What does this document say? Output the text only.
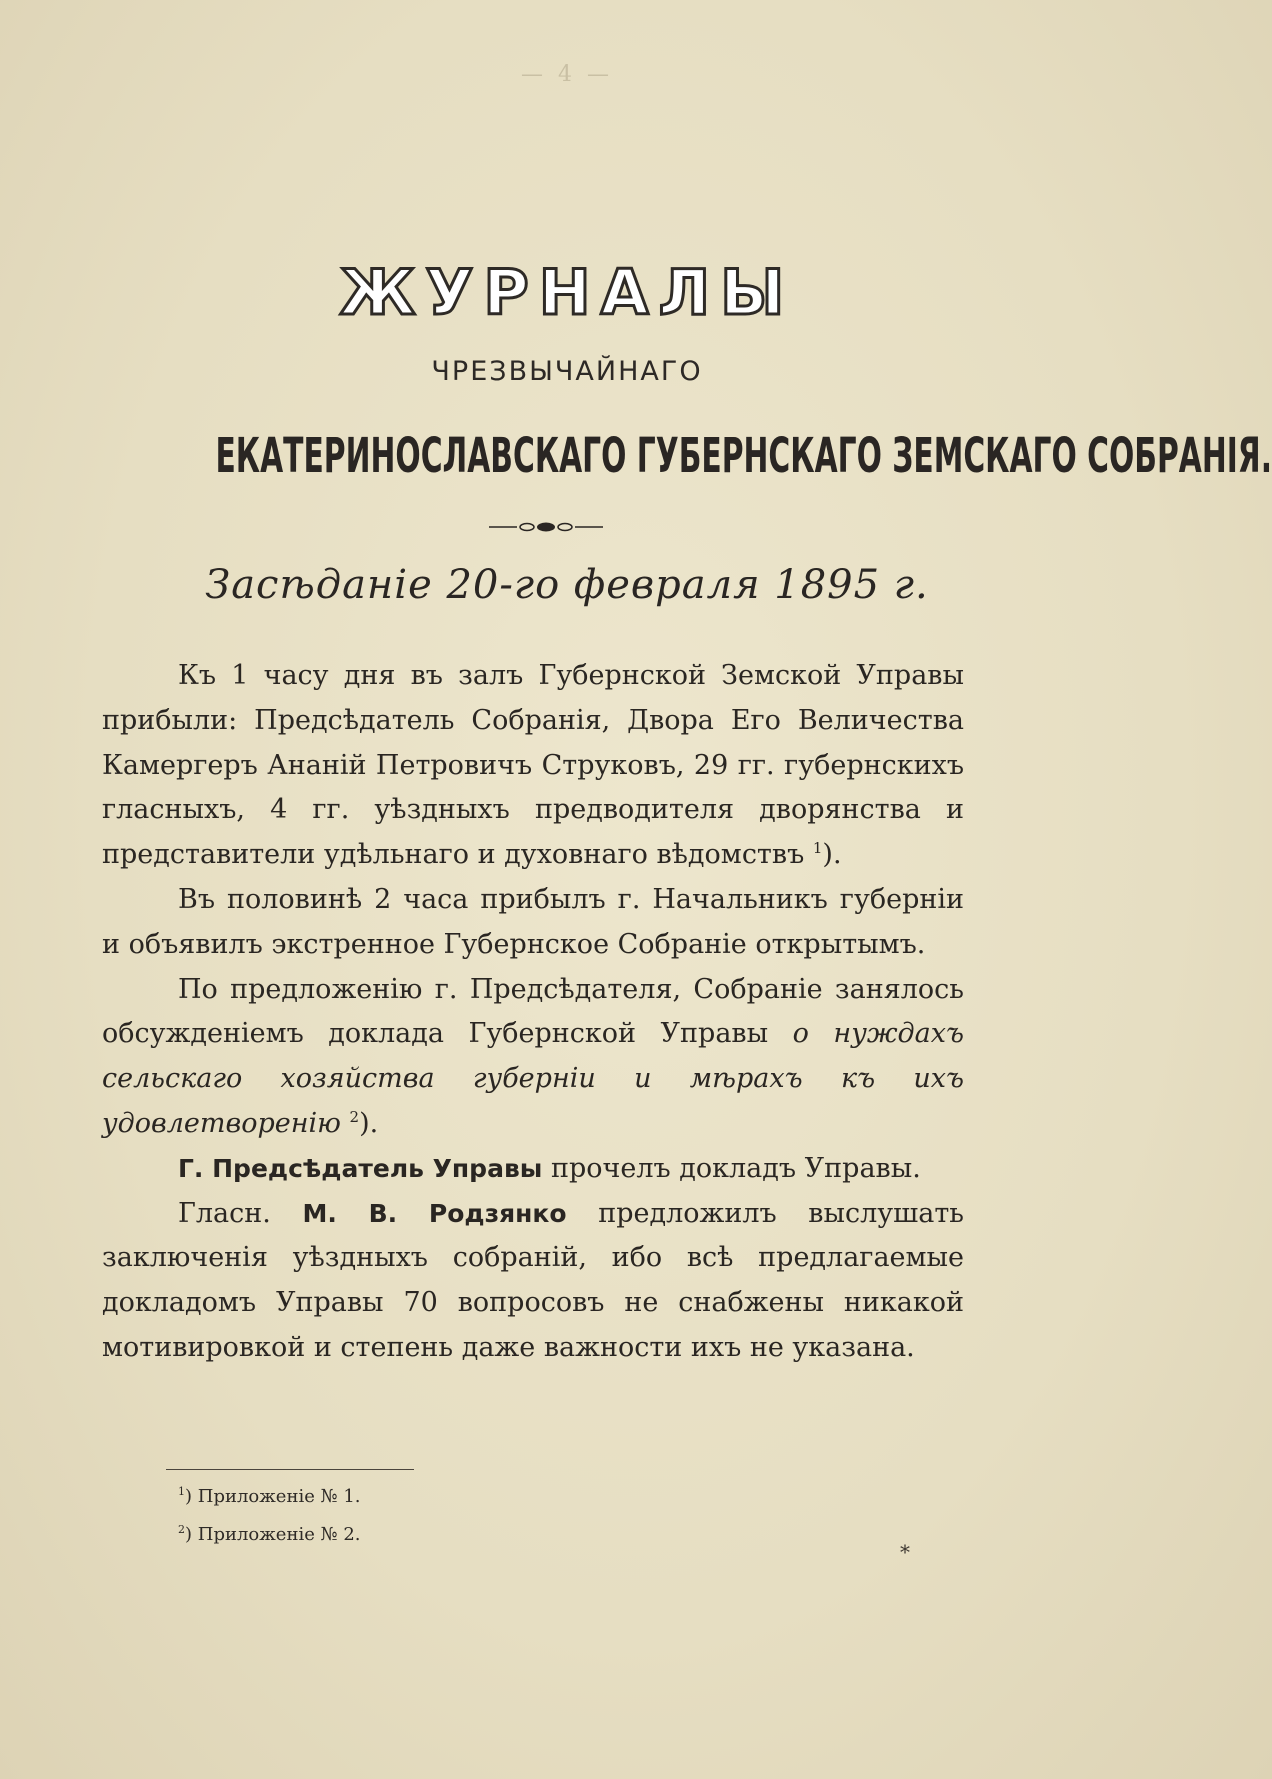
— 4 —
ЖУРНАЛЫ
ЧРЕЗВЫЧАЙНАГО
ЕКАТЕРИНОСЛАВСКАГО ГУБЕРНСКАГО ЗЕМСКАГО СОБРАНІЯ.
Засѣданіе 20-го февраля 1895 г.

Къ 1 часу дня въ залъ Губернской Земской Управы прибыли: Предсѣдатель Собранія, Двора Его Величества Камергеръ Ананій Петровичъ Струковъ, 29 гг. губернскихъ гласныхъ, 4 гг. уѣздныхъ предводителя дворянства и представители удѣльнаго и духовнаго вѣдомствъ $^1$).

Въ половинѣ 2 часа прибылъ г. Начальникъ губерніи и объявилъ экстренное Губернское Собраніе открытымъ.

По предложенію г. Предсѣдателя, Собраніе занялось обсужденіемъ доклада Губернской Управы о нуждахъ сельскаго хозяйства губерніи и мѣрахъ къ ихъ удовлетворенію $^2$).

Г. Предсѣдатель Управы прочелъ докладъ Управы.

Гласн. М. В. Родзянко предложилъ выслушать заключенія уѣздныхъ собраній, ибо всѣ предлагаемые докладомъ Управы 70 вопросовъ не снабжены никакой мотивировкой и степень даже важности ихъ не указана.

$^1$) Приложеніе № 1.
$^2$) Приложеніе № 2.
*
